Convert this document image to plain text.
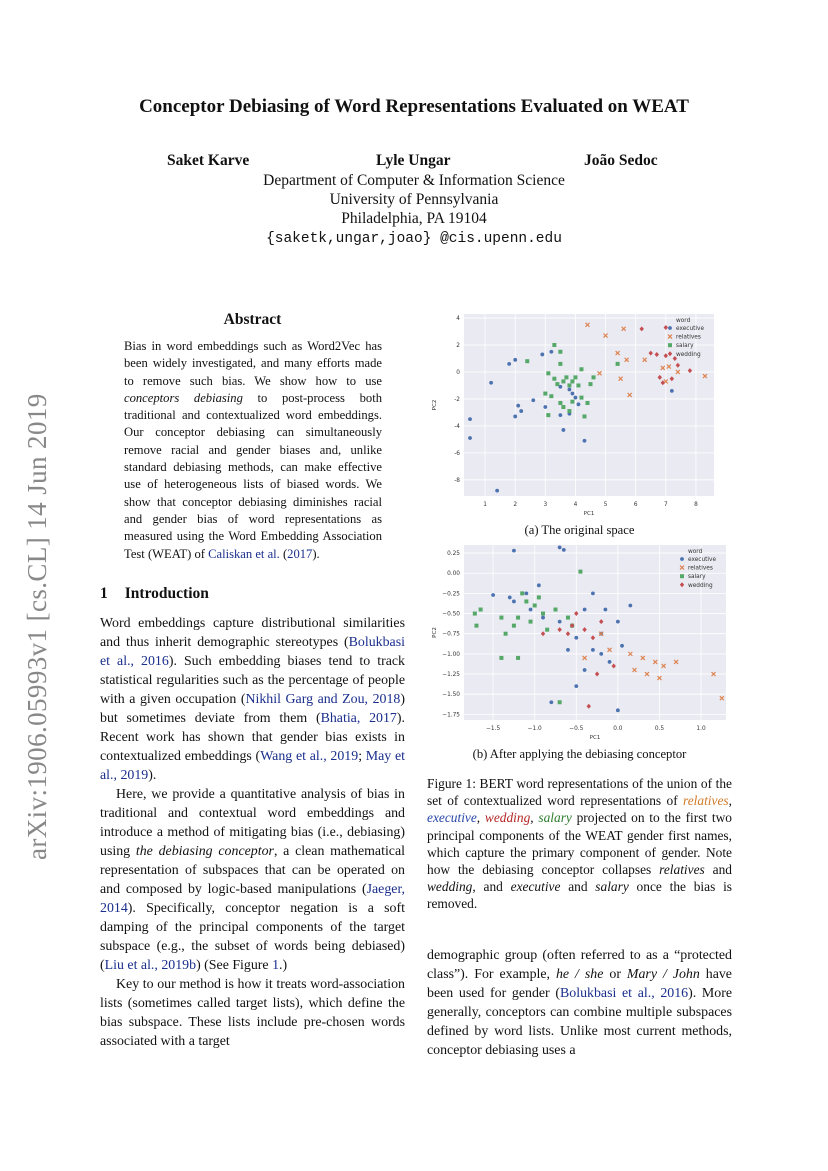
Conceptor Debiasing of Word Representations Evaluated on WEAT
Saket Karve	Lyle Ungar	João Sedoc
Department of Computer & Information Science
University of Pennsylvania
Philadelphia, PA 19104
{saketk,ungar,joao} @cis.upenn.edu
arXiv:1906.05993v1 [cs.CL] 14 Jun 2019
Abstract
Bias in word embeddings such as Word2Vec has been widely investigated, and many efforts made to remove such bias. We show how to use conceptors debiasing to post-process both traditional and contextualized word embeddings. Our conceptor debiasing can simultaneously remove racial and gender biases and, unlike standard debiasing methods, can make effective use of heterogeneous lists of biased words. We show that conceptor debiasing diminishes racial and gender bias of word representations as measured using the Word Embedding Association Test (WEAT) of Caliskan et al. (2017).
1 Introduction

Word embeddings capture distributional similarities and thus inherit demographic stereotypes (Bolukbasi et al., 2016). Such embedding biases tend to track statistical regularities such as the percentage of people with a given occupation (Nikhil Garg and Zou, 2018) but sometimes deviate from them (Bhatia, 2017). Recent work has shown that gender bias exists in contextualized embeddings (Wang et al., 2019; May et al., 2019).

Here, we provide a quantitative analysis of bias in traditional and contextual word embeddings and introduce a method of mitigating bias (i.e., debiasing) using the debiasing conceptor, a clean mathematical representation of subspaces that can be operated on and composed by logic-based manipulations (Jaeger, 2014). Specifically, conceptor negation is a soft damping of the principal components of the target subspace (e.g., the subset of words being debiased) (Liu et al., 2019b) (See Figure 1.)

Key to our method is how it treats word-association lists (sometimes called target lists), which define the bias subspace. These lists include pre-chosen words associated with a target

demographic group (often referred to as a “protected class”). For example, he / she or Mary / John have been used for gender (Bolukbasi et al., 2016). More generally, conceptors can combine multiple subspaces defined by word lists. Unlike most current methods, conceptor debiasing uses a

1	2	3	4	5	6	7	8
4
2
0
-2
-4
-6
-8
PC1
PC2
word
executive
relatives
salary
wedding
(a) The original space
−1.5	−1.0	−0.5	0.0	0.5	1.0
0.25
0.00
−0.25
−0.50
−0.75
−1.00
−1.25
−1.50
−1.75
PC1
PC2
word
executive
relatives
salary
wedding
(b) After applying the debiasing conceptor
Figure 1: BERT word representations of the union of the set of contextualized word representations of relatives, executive, wedding, salary projected on to the first two principal components of the WEAT gender first names, which capture the primary component of gender. Note how the debiasing conceptor collapses relatives and wedding, and executive and salary once the bias is removed.
